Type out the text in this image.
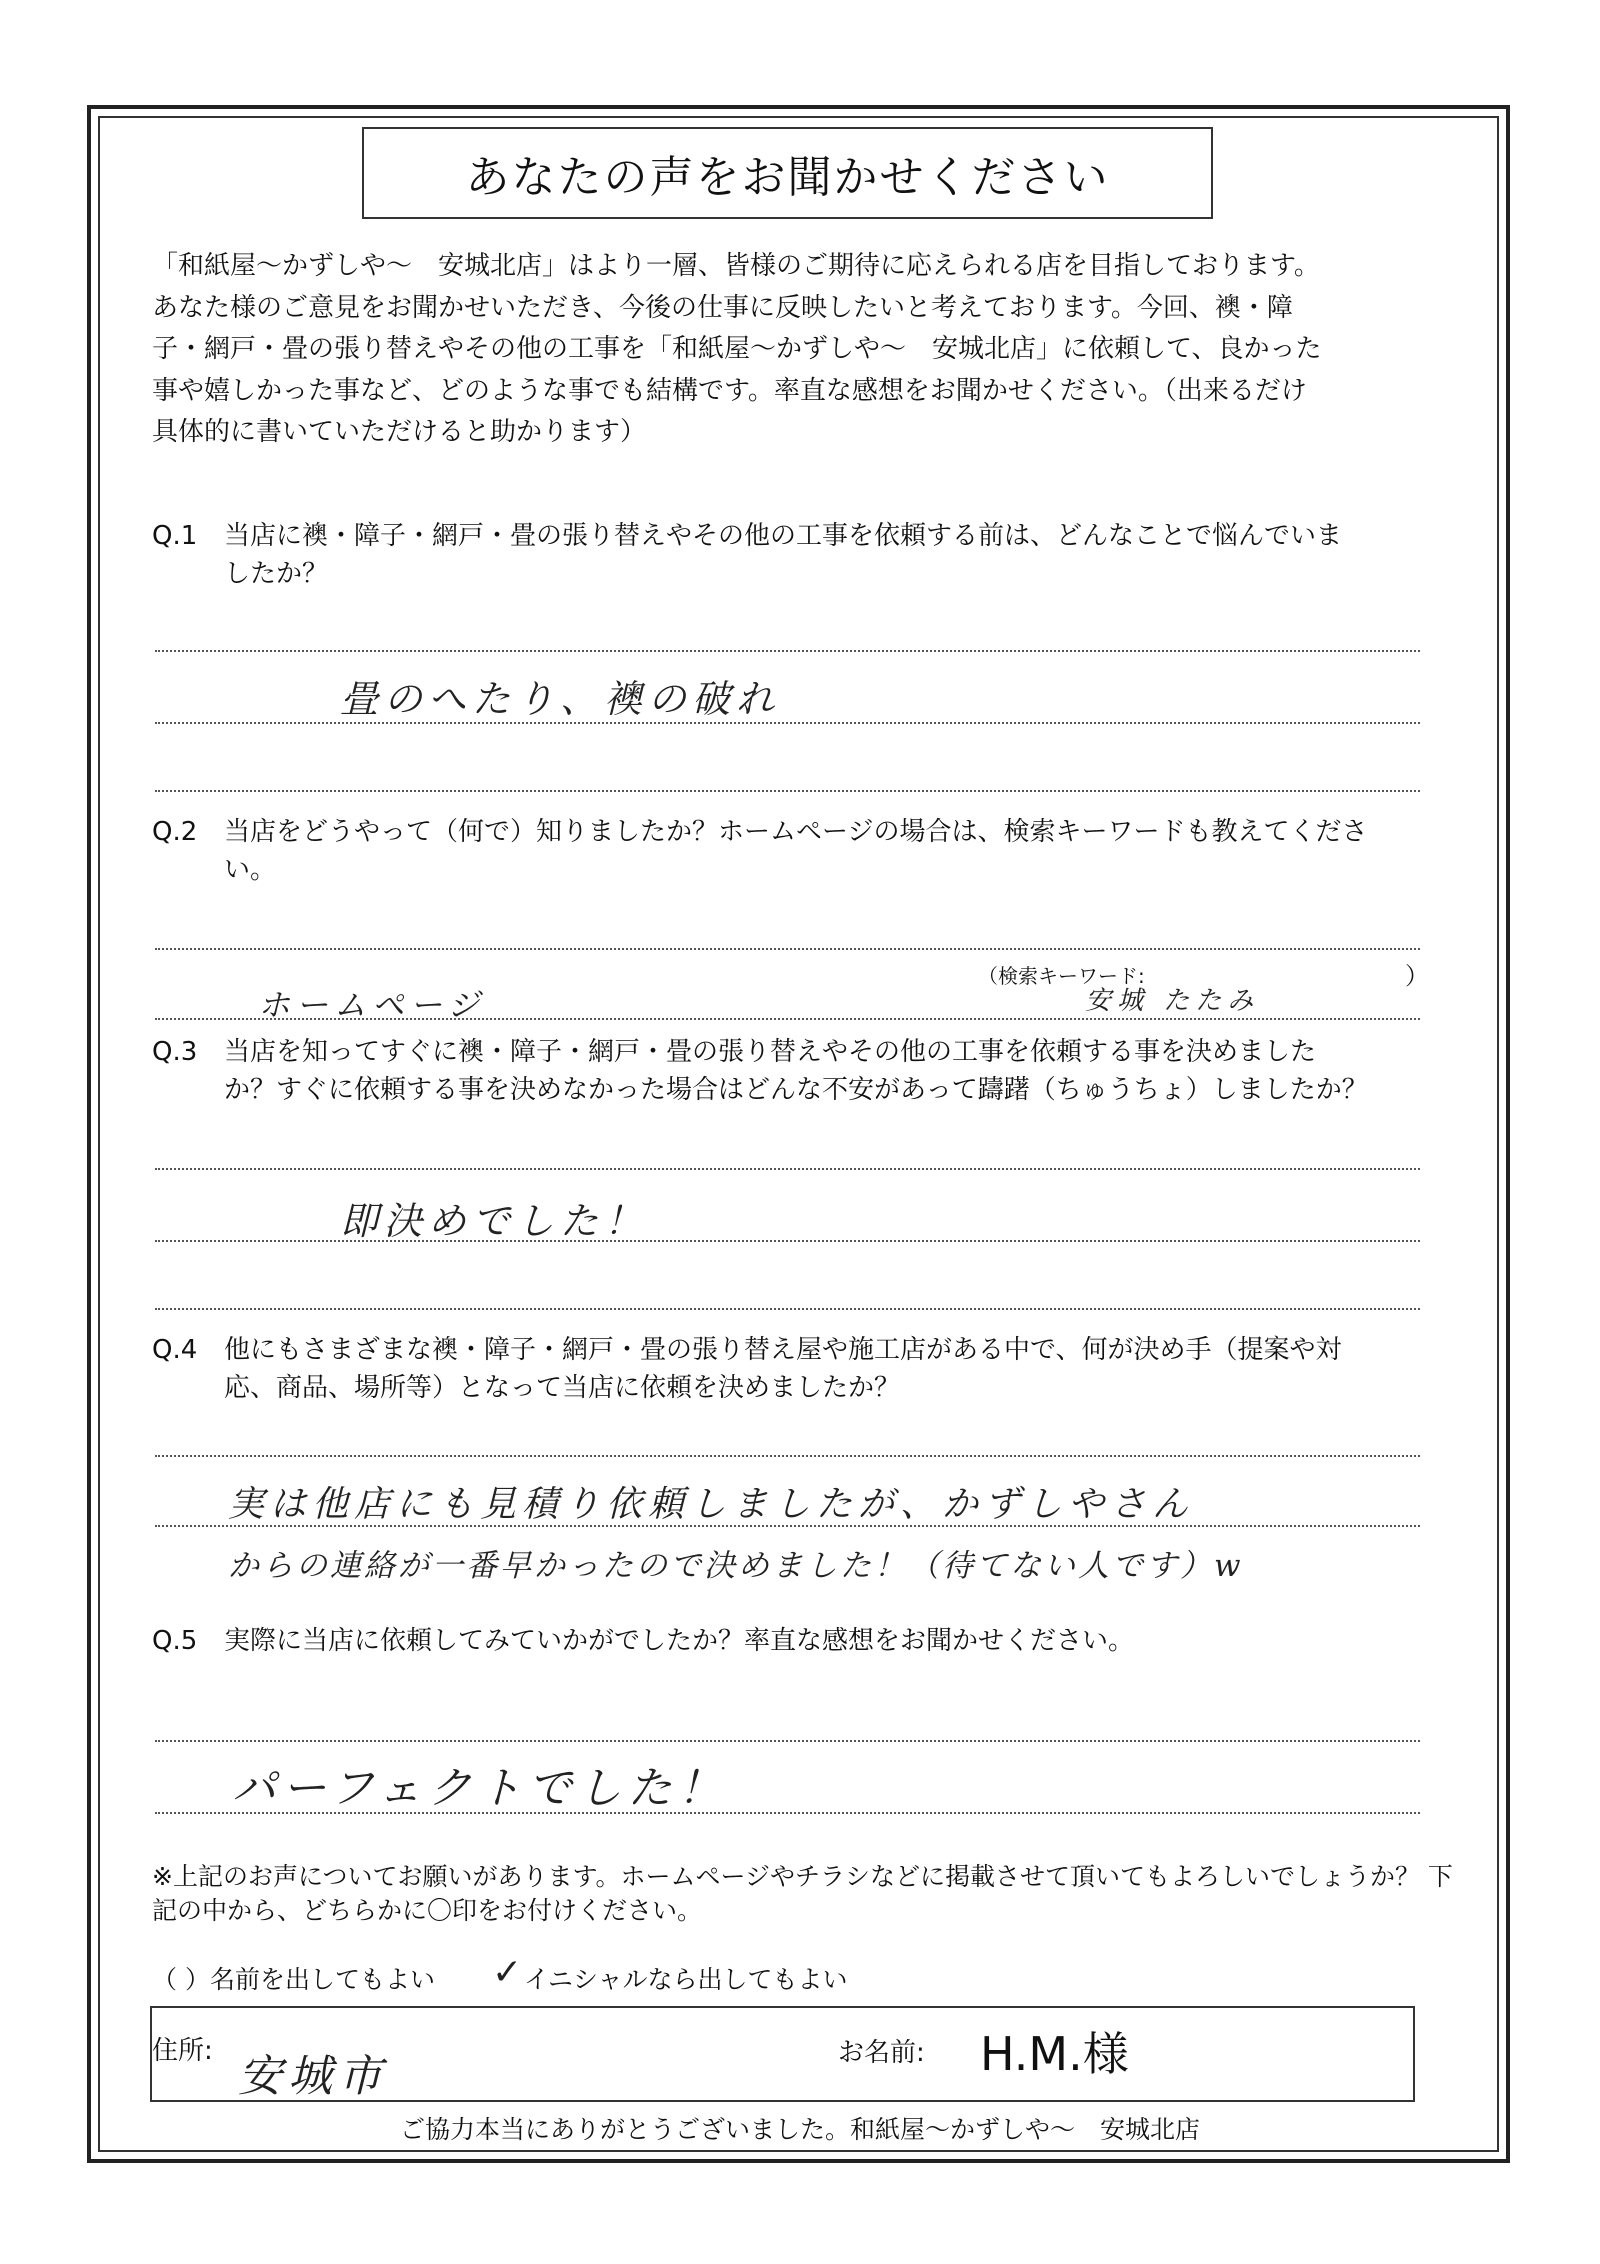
あなたの声をお聞かせください
「和紙屋〜かずしや〜　安城北店」はより一層、皆様のご期待に応えられる店を目指しております。
あなた様のご意見をお聞かせいただき、今後の仕事に反映したいと考えております。今回、襖・障
子・網戸・畳の張り替えやその他の工事を「和紙屋〜かずしや〜　安城北店」に依頼して、良かった
事や嬉しかった事など、どのような事でも結構です。率直な感想をお聞かせください。（出来るだけ
具体的に書いていただけると助かります）
Q.1	当店に襖・障子・網戸・畳の張り替えやその他の工事を依頼する前は、どんなことで悩んでいま
したか？
畳のへたり、襖の破れ
Q.2	当店をどうやって（何で）知りましたか？ホームページの場合は、検索キーワードも教えてくださ
い。
（検索キーワード:	）
ホームページ	安城 たたみ
Q.3	当店を知ってすぐに襖・障子・網戸・畳の張り替えやその他の工事を依頼する事を決めました
か？すぐに依頼する事を決めなかった場合はどんな不安があって躊躇（ちゅうちょ）しましたか？
即決めでした！
Q.4	他にもさまざまな襖・障子・網戸・畳の張り替え屋や施工店がある中で、何が決め手（提案や対
応、商品、場所等）となって当店に依頼を決めましたか？
実は他店にも見積り依頼しましたが、かずしやさん
からの連絡が一番早かったので決めました！（待てない人です）w
Q.5	実際に当店に依頼してみていかがでしたか？率直な感想をお聞かせください。
パーフェクトでした！
※上記のお声についてお願いがあります。ホームページやチラシなどに掲載させて頂いてもよろしいでしょうか？ 下
記の中から、どちらかに〇印をお付けください。
（ ）名前を出してもよい ✓ イニシャルなら出してもよい
住所: 安城市	お名前: H.M.様
ご協力本当にありがとうございました。和紙屋〜かずしや〜　安城北店
